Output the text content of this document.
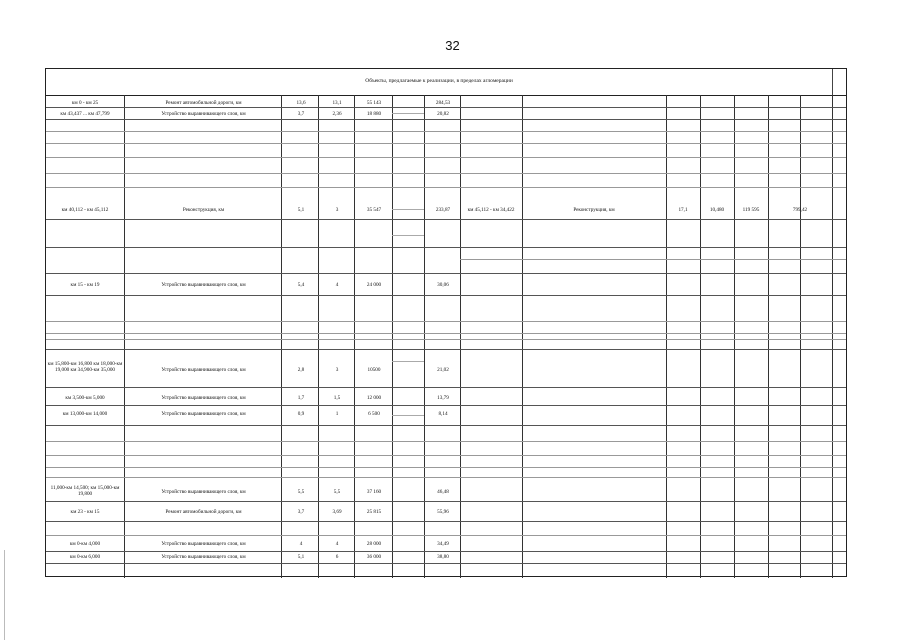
32
Объекты, предлагаемые к реализации, в пределах агломерации
км 0 - км 25	Ремонт автомобильной дороги, км	13,6	13,1	55 143	284,53
км 43,437 ... км 47,799	Устройство выравнивающего слоя, км	3,7	2,36	18 880	20,82
км 40,112 - км 45,112	Реконструкция, км	5,1	3	35 547	233,87	км 45,112 - км 34,422	Реконструкция, км	17,1	10,480	119 595	799,42
км 15 - км 19	Устройство выравнивающего слоя, км	5,4	4	24 000	30,06
км 15,800-км 16,800 км 18,000-км 19,000 км 34,900-км 35,000	Устройство выравнивающего слоя, км	2,8	3	10500	21,02
км 3,500-км 5,000	Устройство выравнивающего слоя, км	1,7	1,5	12 000	13,79
км 13,000-км 14,000	Устройство выравнивающего слоя, км	0,9	1	6 500	8,14
11,000-км 14,500; км 15,000-км 19,800	Устройство выравнивающего слоя, км	5,5	5,5	37 160	46,48
км 23 - км 15	Ремонт автомобильной дороги, км	3,7	3,69	25 815	55,96
км 0-км 4,000	Устройство выравнивающего слоя, км	4	4	28 000	34,49
км 0-км 6,000	Устройство выравнивающего слоя, км	5,1	6	36 000	38,80
